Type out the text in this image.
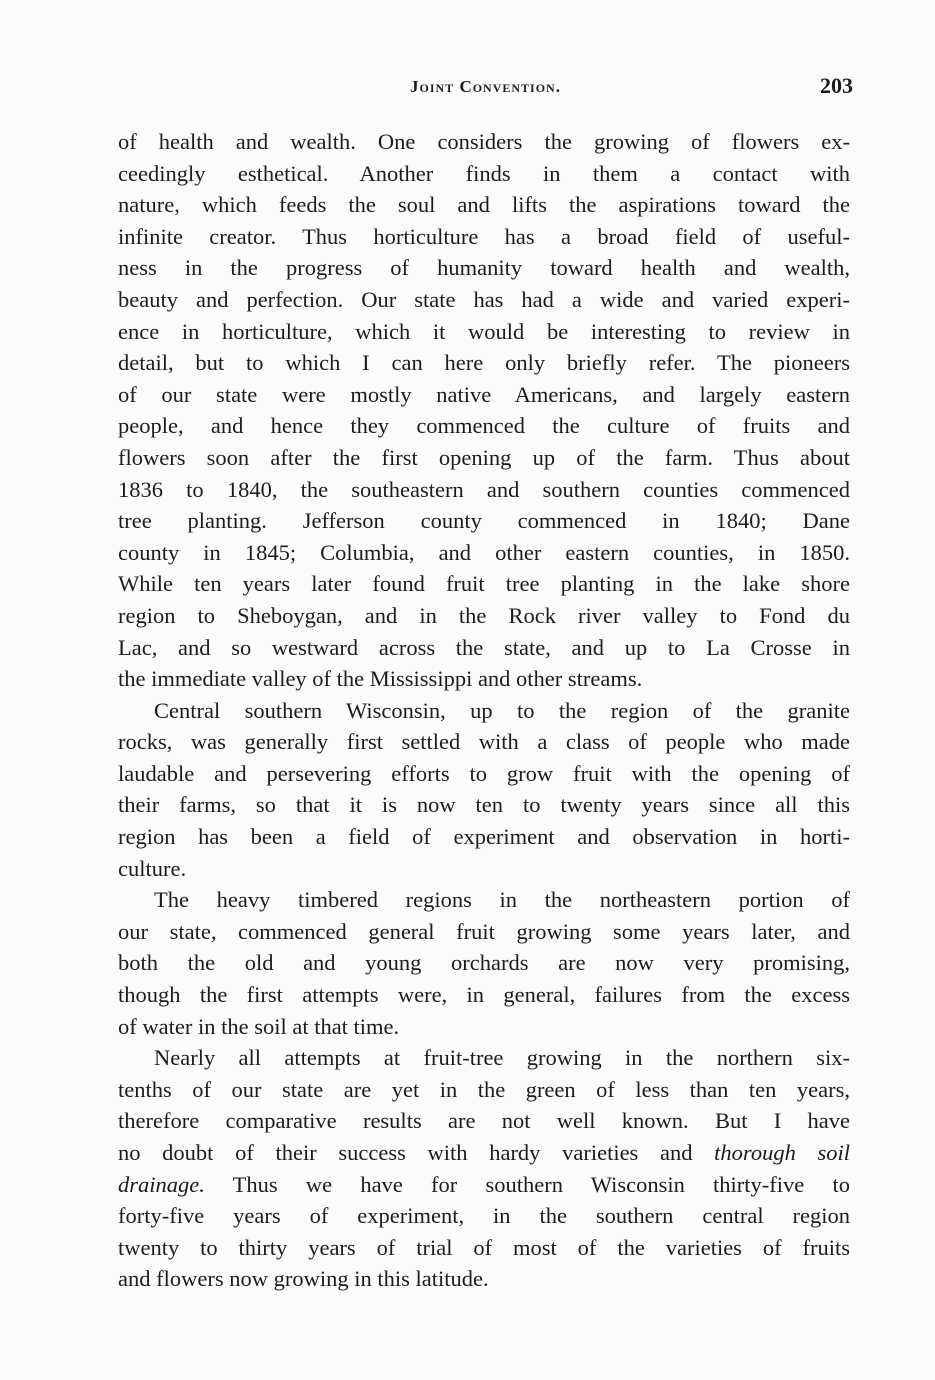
Joint Convention.	203
of health and wealth. One considers the growing of flowers ex-
ceedingly esthetical. Another finds in them a contact with
nature, which feeds the soul and lifts the aspirations toward the
infinite creator. Thus horticulture has a broad field of useful-
ness in the progress of humanity toward health and wealth,
beauty and perfection. Our state has had a wide and varied experi-
ence in horticulture, which it would be interesting to review in
detail, but to which I can here only briefly refer. The pioneers
of our state were mostly native Americans, and largely eastern
people, and hence they commenced the culture of fruits and
flowers soon after the first opening up of the farm. Thus about
1836 to 1840, the southeastern and southern counties commenced
tree planting. Jefferson county commenced in 1840; Dane
county in 1845; Columbia, and other eastern counties, in 1850.
While ten years later found fruit tree planting in the lake shore
region to Sheboygan, and in the Rock river valley to Fond du
Lac, and so westward across the state, and up to La Crosse in
the immediate valley of the Mississippi and other streams.
Central southern Wisconsin, up to the region of the granite
rocks, was generally first settled with a class of people who made
laudable and persevering efforts to grow fruit with the opening of
their farms, so that it is now ten to twenty years since all this
region has been a field of experiment and observation in horti-
culture.
The heavy timbered regions in the northeastern portion of
our state, commenced general fruit growing some years later, and
both the old and young orchards are now very promising,
though the first attempts were, in general, failures from the excess
of water in the soil at that time.
Nearly all attempts at fruit-tree growing in the northern six-
tenths of our state are yet in the green of less than ten years,
therefore comparative results are not well known. But I have
no doubt of their success with hardy varieties and thorough soil
drainage. Thus we have for southern Wisconsin thirty-five to
forty-five years of experiment, in the southern central region
twenty to thirty years of trial of most of the varieties of fruits
and flowers now growing in this latitude.
